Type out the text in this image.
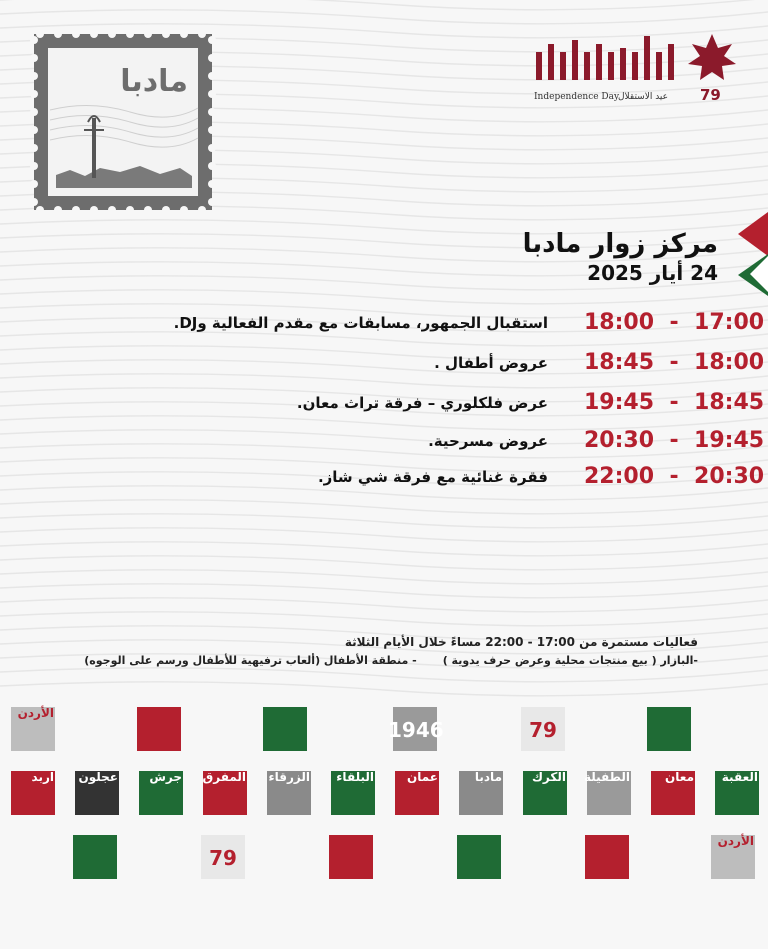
مادبا	Independence Day
عيد الاستقلال 79
مركز زوار مادبا
24 أيار 2025
18:00 - 17:00
استقبال الجمهور، مسابقات مع مقدم الفعالية وDJ.
18:45 - 18:00
عروض أطفال .
19:45 - 18:45
عرض فلكلوري – فرقة تراث معان.
20:30 - 19:45
عروض مسرحية.
22:00 - 20:30
فقرة غنائية مع فرقة شي شاز.
فعاليات مستمرة من 17:00 - 22:00 مساءً خلال الأيام الثلاثة
-البازار ( بيع منتجات محلية وعرض حرف يدوية )- منطقة الأطفال (ألعاب ترفيهية للأطفال ورسم على الوجوه)
الأردن
1946	79
اربد عجلون	جرش المفرق الزرقاء البلقاء	عمان	مادبا الكرك الطفيلة	معان العقبة
79
الأردن
